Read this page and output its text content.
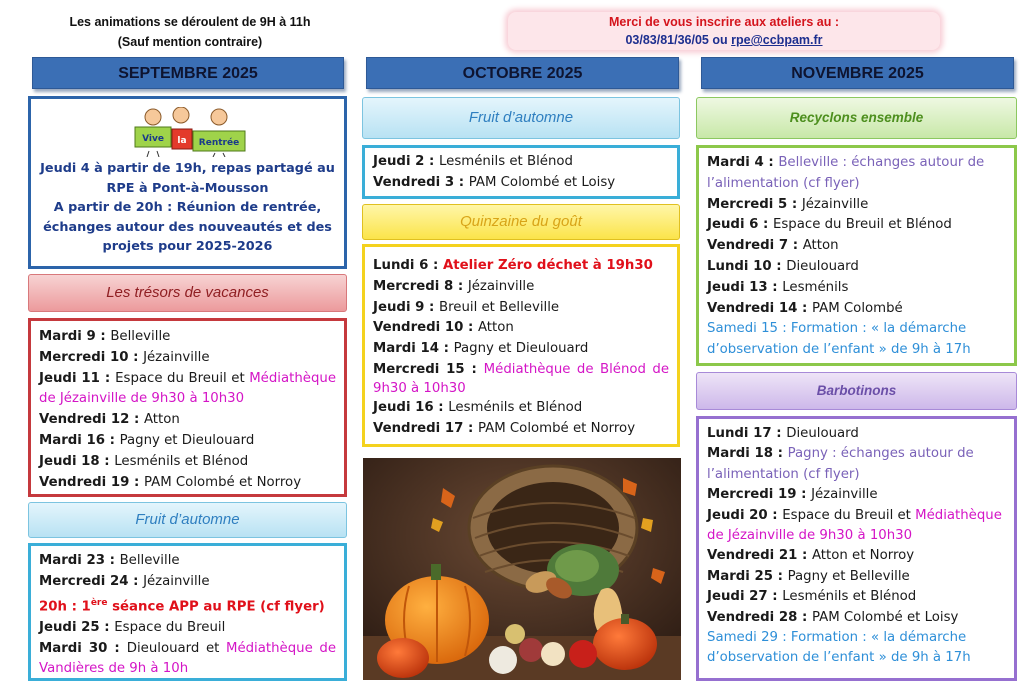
Les animations se déroulent de 9H à 11h
(Sauf mention contraire)
Merci de vous inscrire aux ateliers au :
03/83/81/36/05 ou rpe@ccbpam.fr
SEPTEMBRE 2025	OCTOBRE 2025	NOVEMBRE 2025
Vive la Rentrée
Jeudi 4 à partir de 19h, repas partagé au
RPE à Pont-à-Mousson
A partir de 20h : Réunion de rentrée,
échanges autour des nouveautés et des
projets pour 2025-2026
Les trésors de vacances
Mardi 9 : Belleville
Mercredi 10 : Jézainville
Jeudi 11 : Espace du Breuil et Médiathèque de Jézainville de 9h30 à 10h30
Vendredi 12 : Atton
Mardi 16 : Pagny et Dieulouard
Jeudi 18 : Lesménils et Blénod
Vendredi 19 : PAM Colombé et Norroy
Fruit d’automne
Mardi 23 : Belleville
Mercredi 24 : Jézainville
20h : 1ère séance APP au RPE (cf flyer)
Jeudi 25 : Espace du Breuil
Mardi 30 : Dieulouard et Médiathèque de Vandières de 9h à 10h
Fruit d’automne
Jeudi 2 : Lesménils et Blénod
Vendredi 3 : PAM Colombé et Loisy
Quinzaine du goût
Lundi 6 : Atelier Zéro déchet à 19h30
Mercredi 8 : Jézainville
Jeudi 9 : Breuil et Belleville
Vendredi 10 : Atton
Mardi 14 : Pagny et Dieulouard
Mercredi 15 : Médiathèque de Blénod de 9h30 à 10h30
Jeudi 16 : Lesménils et Blénod
Vendredi 17 : PAM Colombé et Norroy
Recyclons ensemble
Mardi 4 : Belleville : échanges autour de l’alimentation (cf flyer)
Mercredi 5 : Jézainville
Jeudi 6 : Espace du Breuil et Blénod
Vendredi 7 : Atton
Lundi 10 : Dieulouard
Jeudi 13 : Lesménils
Vendredi 14 : PAM Colombé
Samedi 15 : Formation : « la démarche d’observation de l’enfant » de 9h à 17h
Barbotinons
Lundi 17 : Dieulouard
Mardi 18 : Pagny : échanges autour de l’alimentation (cf flyer)
Mercredi 19 : Jézainville
Jeudi 20 : Espace du Breuil et Médiathèque de Jézainville de 9h30 à 10h30
Vendredi 21 : Atton et Norroy
Mardi 25 : Pagny et Belleville
Jeudi 27 : Lesménils et Blénod
Vendredi 28 : PAM Colombé et Loisy
Samedi 29 : Formation : « la démarche d’observation de l’enfant » de 9h à 17h
